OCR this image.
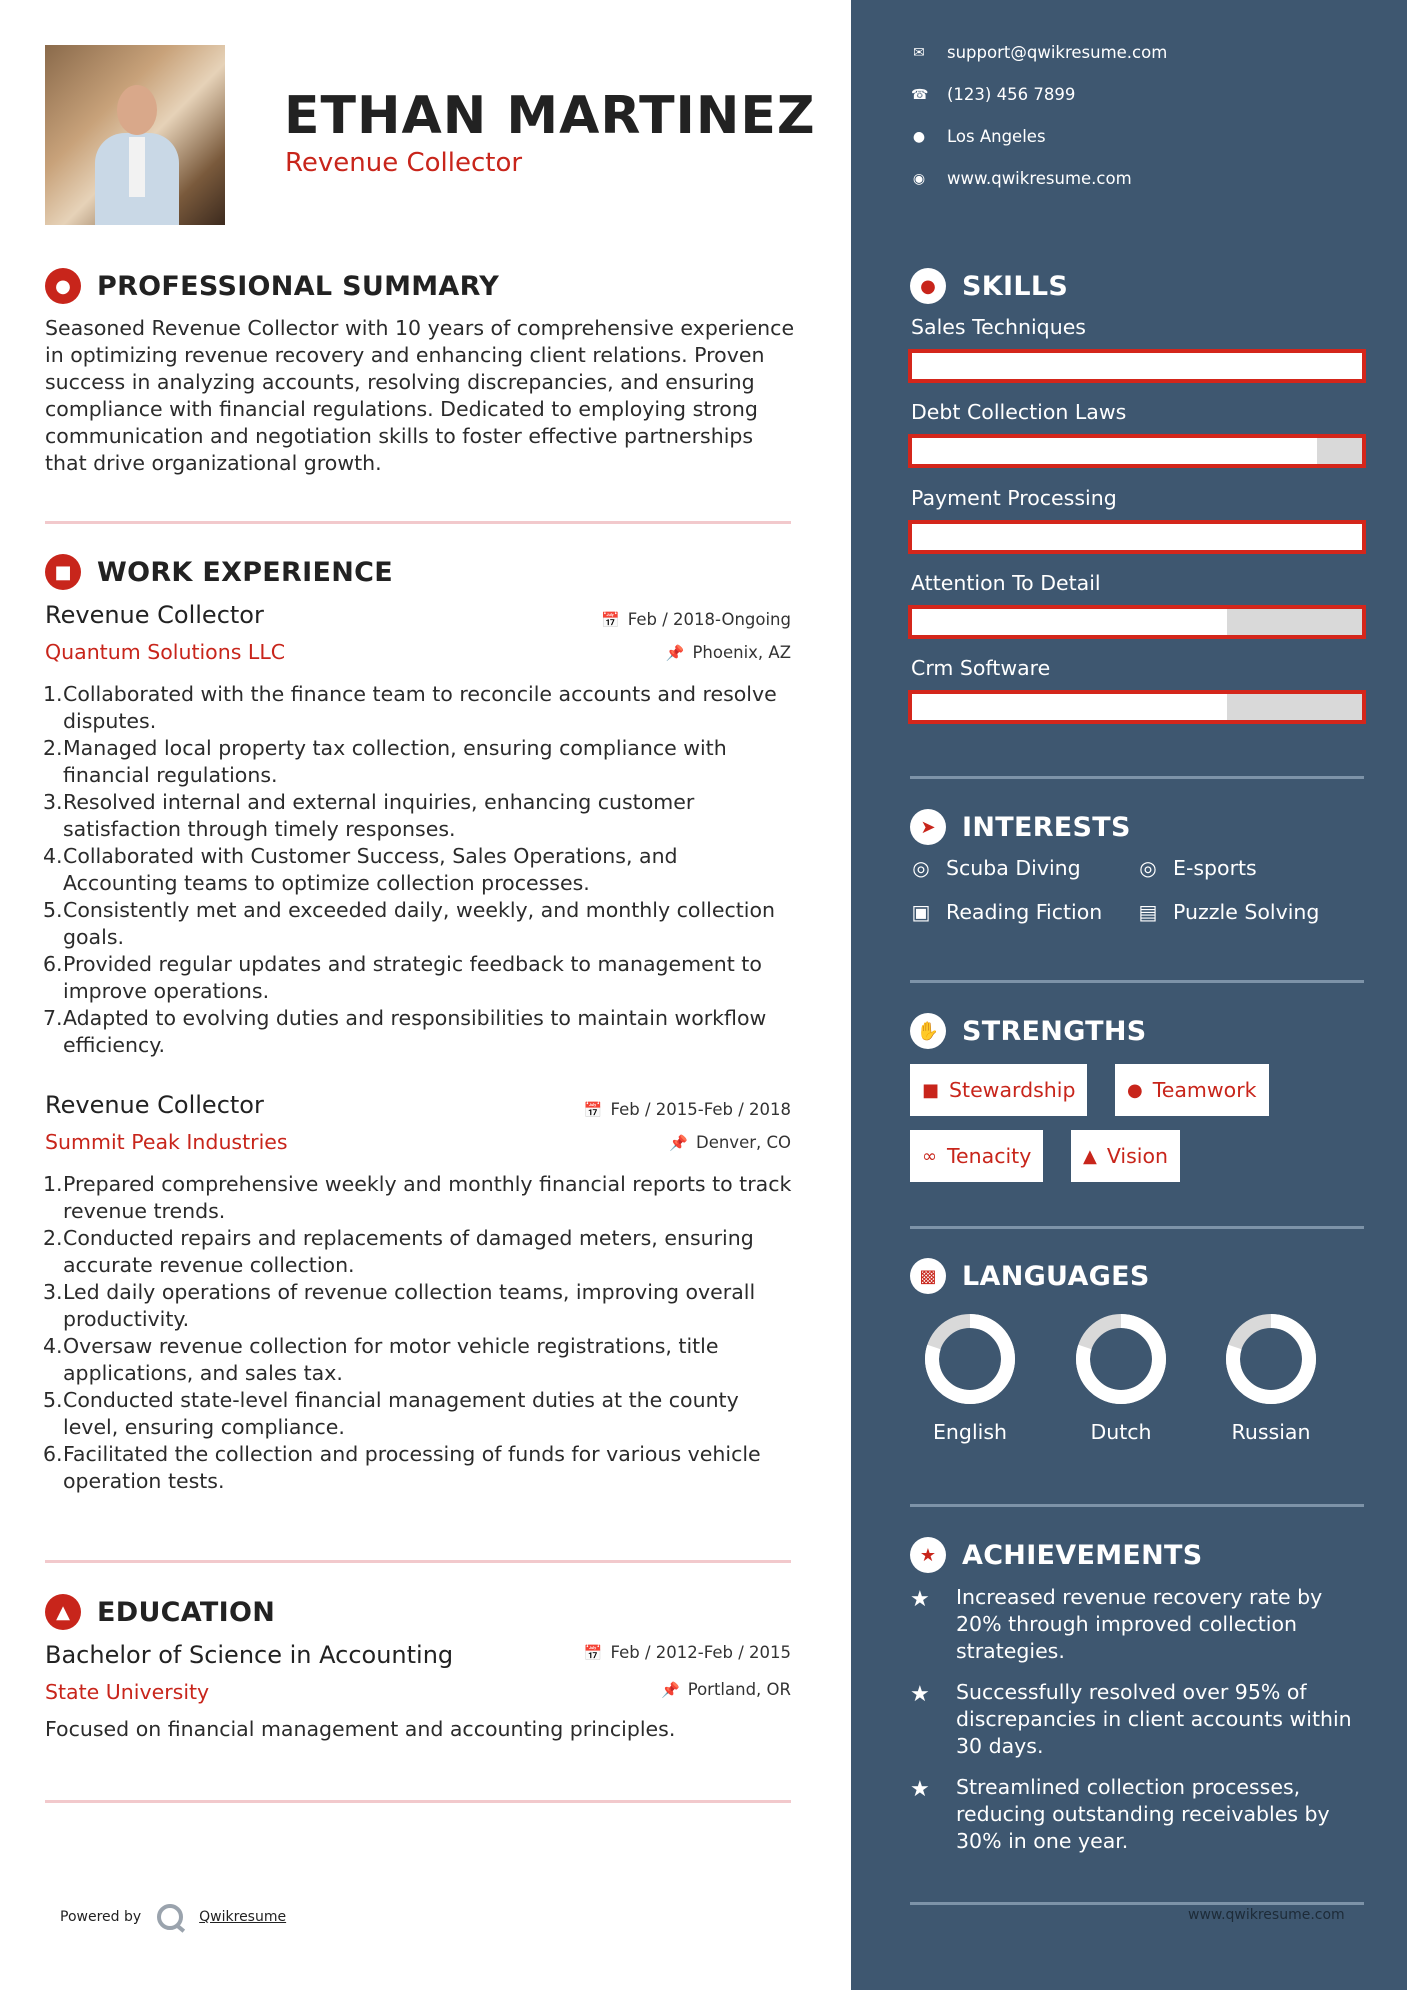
ETHAN MARTINEZ
Revenue Collector
● PROFESSIONAL SUMMARY
Seasoned Revenue Collector with 10 years of comprehensive experience in optimizing revenue recovery and enhancing client relations. Proven success in analyzing accounts, resolving discrepancies, and ensuring compliance with financial regulations. Dedicated to employing strong communication and negotiation skills to foster effective partnerships that drive organizational growth.
■ WORK EXPERIENCE
Revenue Collector	📅 Feb / 2018-Ongoing
Quantum Solutions LLC	📌 Phoenix, AZ
1. Collaborated with the finance team to reconcile accounts and resolve disputes.
2. Managed local property tax collection, ensuring compliance with financial regulations.
3. Resolved internal and external inquiries, enhancing customer satisfaction through timely responses.
4. Collaborated with Customer Success, Sales Operations, and Accounting teams to optimize collection processes.
5. Consistently met and exceeded daily, weekly, and monthly collection goals.
6. Provided regular updates and strategic feedback to management to improve operations.
7. Adapted to evolving duties and responsibilities to maintain workflow efficiency.
Revenue Collector	📅 Feb / 2015-Feb / 2018
Summit Peak Industries	📌 Denver, CO
1. Prepared comprehensive weekly and monthly financial reports to track revenue trends.
2. Conducted repairs and replacements of damaged meters, ensuring accurate revenue collection.
3. Led daily operations of revenue collection teams, improving overall productivity.
4. Oversaw revenue collection for motor vehicle registrations, title applications, and sales tax.
5. Conducted state-level financial management duties at the county level, ensuring compliance.
6. Facilitated the collection and processing of funds for various vehicle operation tests.
▲	EDUCATION
Bachelor of Science in Accounting	📅 Feb / 2012-Feb / 2015
State University	📌 Portland, OR
Focused on financial management and accounting principles.
Powered by	Qwikresume
✉ support@qwikresume.com
☎ (123) 456 7899
● Los Angeles
◉ www.qwikresume.com
● SKILLS
Sales Techniques
Debt Collection Laws
Payment Processing
Attention To Detail
Crm Software
➤ INTERESTS
◎ Scuba Diving	◎ E-sports
▣ Reading Fiction ▤ Puzzle Solving
✋ STRENGTHS
■ Stewardship	● Teamwork
∞ Tenacity	▲ Vision
▩ LANGUAGES
English	Dutch	Russian
★ ACHIEVEMENTS
★	Increased revenue recovery rate by 20% through improved collection strategies.
★	Successfully resolved over 95% of discrepancies in client accounts within 30 days.
★	Streamlined collection processes, reducing outstanding receivables by 30% in one year.
www.qwikresume.com
